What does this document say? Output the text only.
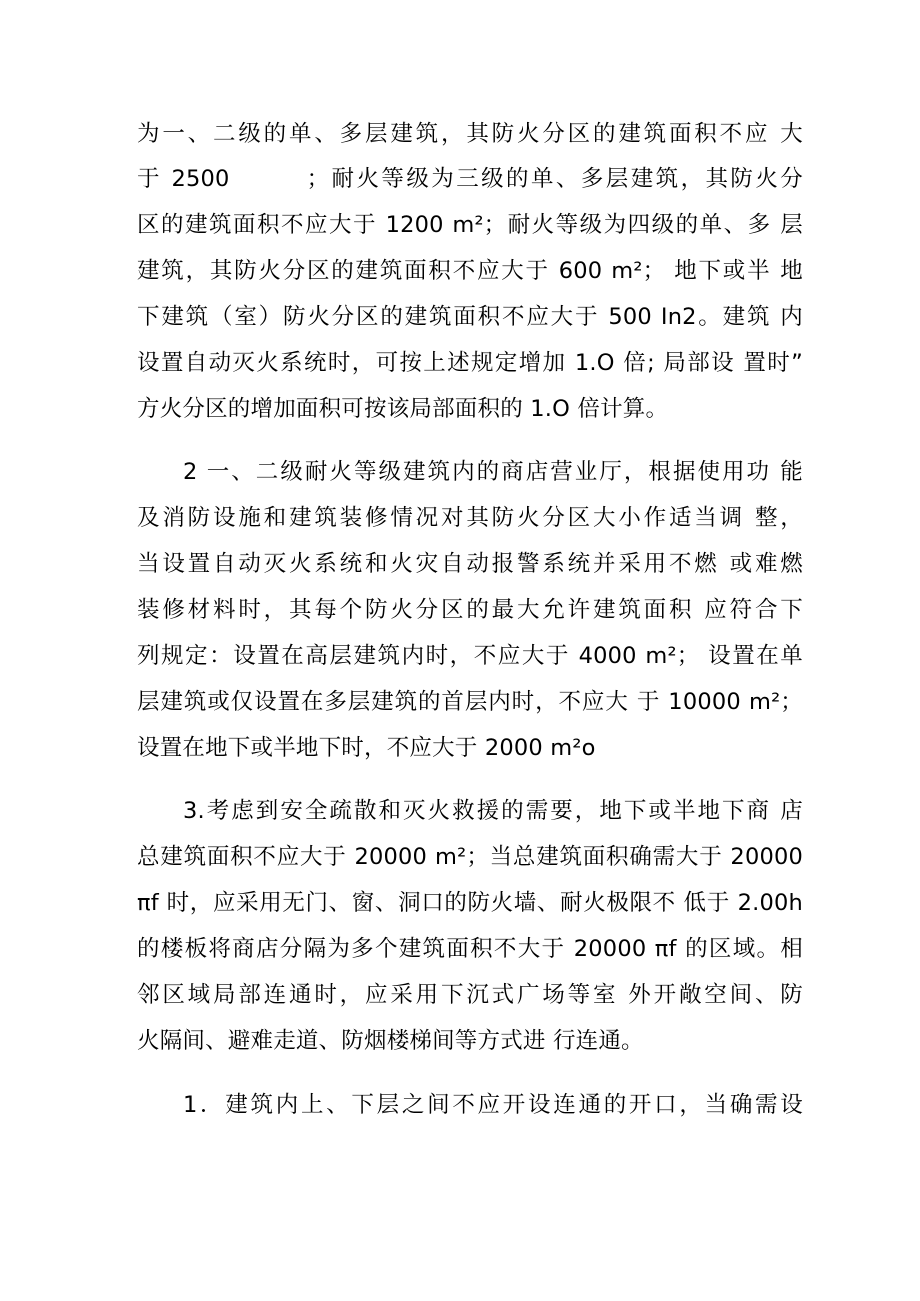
为一、二级的单、多层建筑，其防火分区的建筑面积不应 大
于 2500　　　；耐火等级为三级的单、多层建筑，其防火分
区的建筑面积不应大于 1200 m²；耐火等级为四级的单、多 层
建筑，其防火分区的建筑面积不应大于 600 m²； 地下或半 地
下建筑（室）防火分区的建筑面积不应大于 500 In2。建筑 内
设置自动灭火系统时，可按上述规定增加 1.O 倍; 局部设 置时”
方火分区的增加面积可按该局部面积的 1.O 倍计算。
2 一、二级耐火等级建筑内的商店营业厅，根据使用功 能
及消防设施和建筑装修情况对其防火分区大小作适当调 整，
当设置自动灭火系统和火灾自动报警系统并采用不燃 或难燃
装修材料时，其每个防火分区的最大允许建筑面积 应符合下
列规定：设置在高层建筑内时，不应大于 4000 m²； 设置在单
层建筑或仅设置在多层建筑的首层内时，不应大 于 10000 m²；
设置在地下或半地下时，不应大于 2000 m²o
3.考虑到安全疏散和灭火救援的需要，地下或半地下商 店
总建筑面积不应大于 20000 m²；当总建筑面积确需大于 20000
πf 时，应采用无门、窗、洞口的防火墙、耐火极限不 低于 2.00h
的楼板将商店分隔为多个建筑面积不大于 20000 πf 的区域。相
邻区域局部连通时，应采用下沉式广场等室 外开敞空间、防
火隔间、避难走道、防烟楼梯间等方式进 行连通。
1．建筑内上、下层之间不应开设连通的开口，当确需设
